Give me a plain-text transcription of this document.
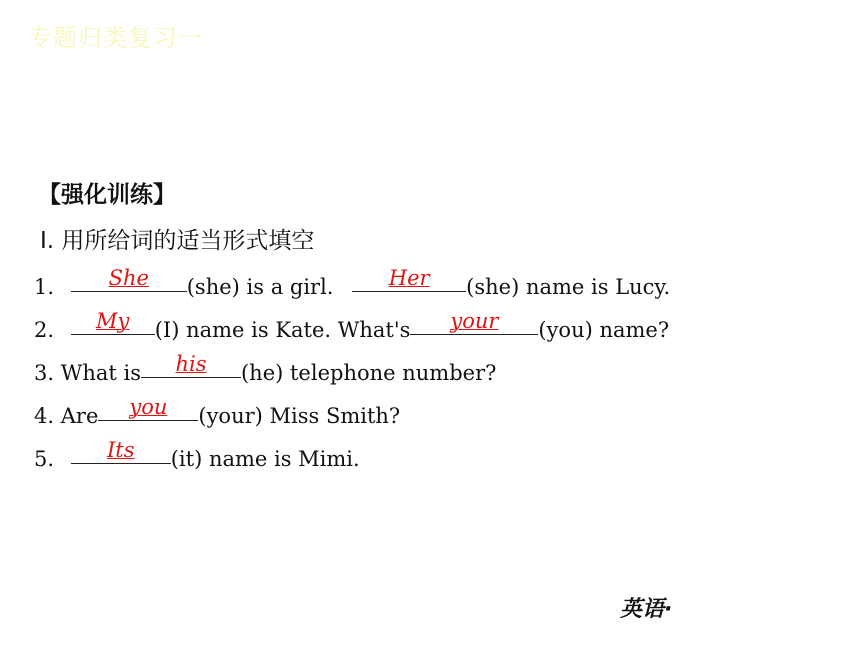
专题归类复习一
【强化训练】
Ⅰ. 用所给词的适当形式填空
1.	She	(she) is a girl.	Her	(she) name is Lucy.
2.	My	(I) name is Kate. What's	your	(you) name?
3. What is	his	(he) telephone number?
4. Are	you	(your) Miss Smith?
5.	Its	(it) name is Mimi.
英语·
